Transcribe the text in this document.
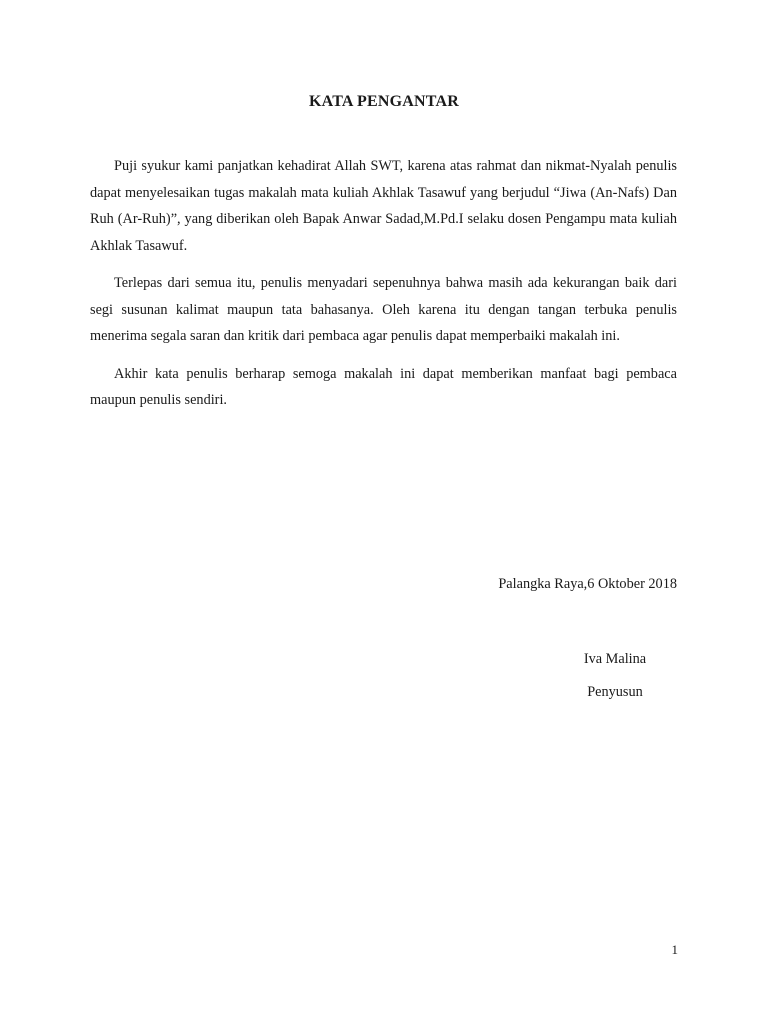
KATA PENGANTAR

Puji syukur kami panjatkan kehadirat Allah SWT, karena atas rahmat dan nikmat-Nyalah penulis dapat menyelesaikan tugas makalah mata kuliah Akhlak Tasawuf yang berjudul “Jiwa (An-Nafs) Dan Ruh (Ar-Ruh)”, yang diberikan oleh Bapak Anwar Sadad,M.Pd.I selaku dosen Pengampu mata kuliah Akhlak Tasawuf.

Terlepas dari semua itu, penulis menyadari sepenuhnya bahwa masih ada kekurangan baik dari segi susunan kalimat maupun tata bahasanya. Oleh karena itu dengan tangan terbuka penulis menerima segala saran dan kritik dari pembaca agar penulis dapat memperbaiki makalah ini.

Akhir kata penulis berharap semoga makalah ini dapat memberikan manfaat bagi pembaca maupun penulis sendiri.

Palangka Raya,6 Oktober 2018
Iva Malina
Penyusun
1
